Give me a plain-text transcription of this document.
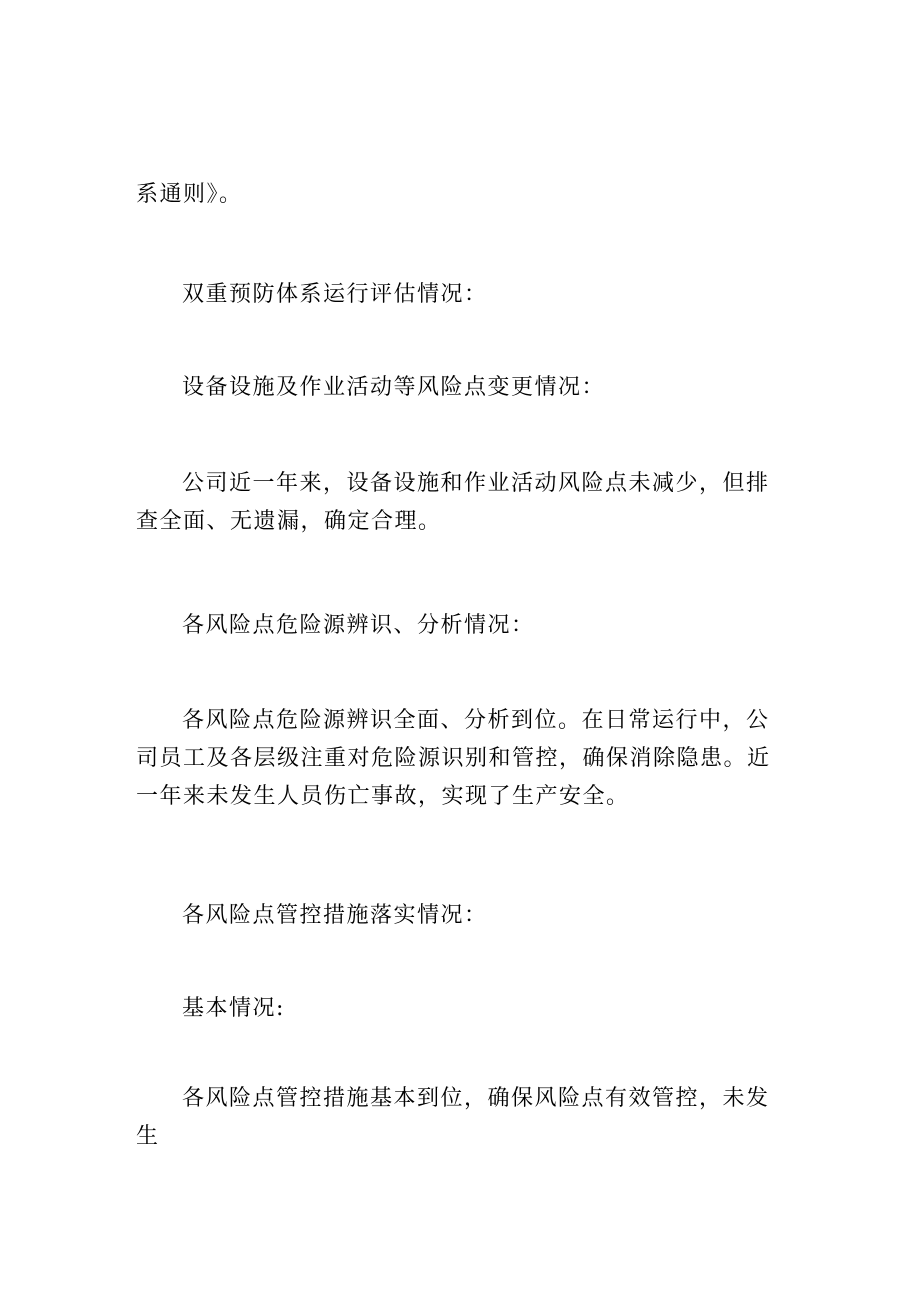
系通则》。

双重预防体系运行评估情况：

设备设施及作业活动等风险点变更情况：

公司近一年来，设备设施和作业活动风险点未减少，但排查全面、无遗漏，确定合理。

各风险点危险源辨识、分析情况：

各风险点危险源辨识全面、分析到位。在日常运行中，公司员工及各层级注重对危险源识别和管控，确保消除隐患。近一年来未发生人员伤亡事故，实现了生产安全。

各风险点管控措施落实情况：

基本情况:

各风险点管控措施基本到位，确保风险点有效管控，未发生
